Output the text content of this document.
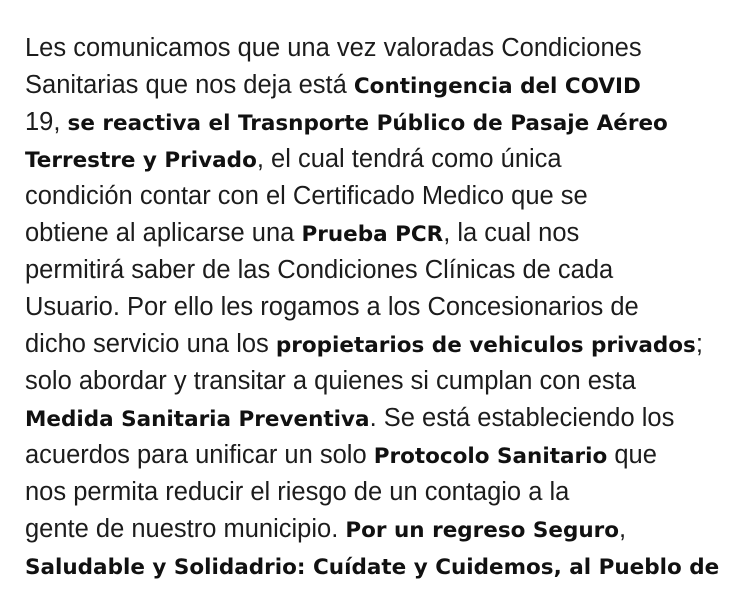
Les comunicamos que una vez valoradas Condiciones
Sanitarias que nos deja está Contingencia del COVID
19, se reactiva el Trasnporte Público de Pasaje Aéreo
Terrestre y Privado, el cual tendrá como única
condición contar con el Certificado Medico que se
obtiene al aplicarse una Prueba PCR, la cual nos
permitirá saber de las Condiciones Clínicas de cada
Usuario. Por ello les rogamos a los Concesionarios de
dicho servicio una los propietarios de vehiculos privados;
solo abordar y transitar a quienes si cumplan con esta
Medida Sanitaria Preventiva. Se está estableciendo los
acuerdos para unificar un solo Protocolo Sanitario que
nos permita reducir el riesgo de un contagio a la
gente de nuestro municipio. Por un regreso Seguro,
Saludable y Solidadrio: Cuídate y Cuidemos, al Pueblo de
